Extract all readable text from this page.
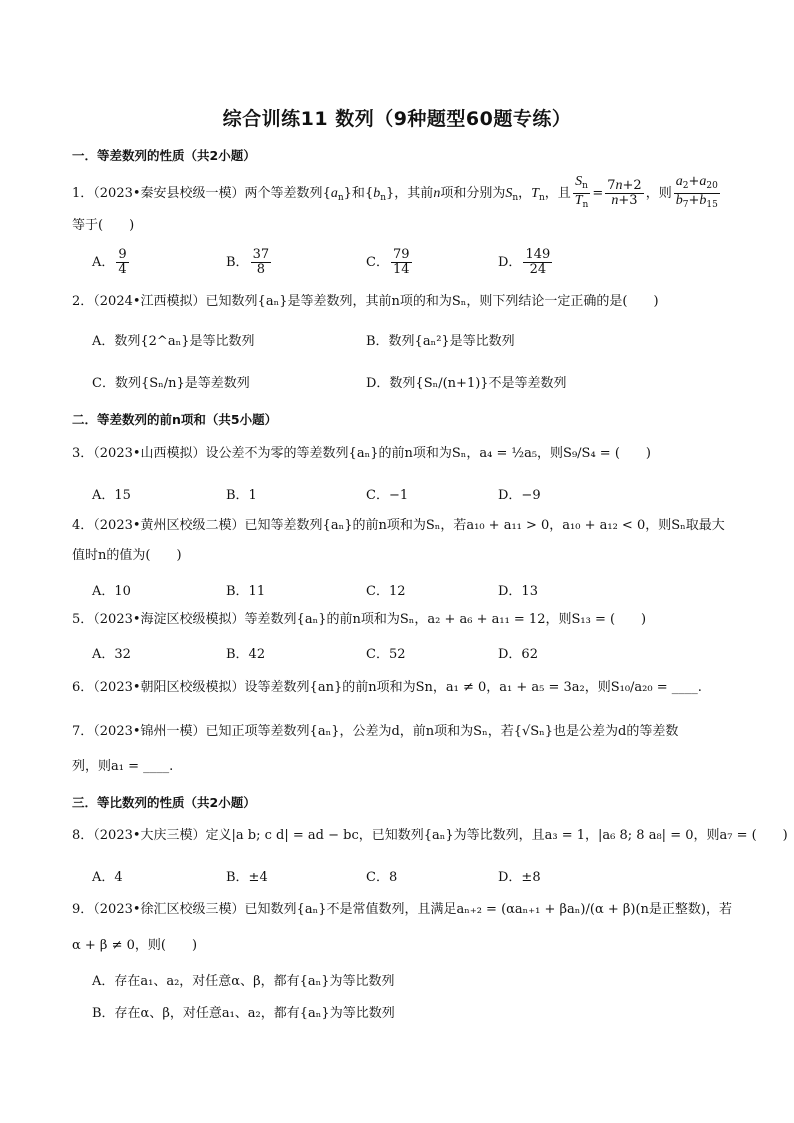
综合训练11 数列（9种题型60题专练）
一．等差数列的性质（共2小题）
1．（2023•秦安县校级一模）两个等差数列$\{a_n\}$和$\{b_n\}$，其前n项和分别为$S_n$，$T_n$，且 $\frac{S_n}{T_n} = \frac{7n+2}{n+3}$ ，则 $\frac{a_2+a_{20}}{b_7+b_{15}}$
等于(　　)
A． $\frac{9}{4}$	B． $\frac{37}{8}$	C． $\frac{79}{14}$	D． $\frac{149}{24}$
2．（2024•江西模拟）已知数列{aₙ}是等差数列，其前n项的和为Sₙ，则下列结论一定正确的是(　　)
A．数列{2^aₙ}是等比数列	B．数列{aₙ²}是等比数列
C．数列{Sₙ/n}是等差数列	D．数列{Sₙ/(n+1)}不是等差数列
二．等差数列的前n项和（共5小题）
3．（2023•山西模拟）设公差不为零的等差数列{aₙ}的前n项和为Sₙ，a₄ = ½a₅，则S₉/S₄ = (　　)
A．15	B．1	C．−1	D．−9
4．（2023•黄州区校级二模）已知等差数列{aₙ}的前n项和为Sₙ，若a₁₀ + a₁₁ > 0，a₁₀ + a₁₂ < 0，则Sₙ取最大
值时n的值为(　　)
A．10	B．11	C．12	D．13
5．（2023•海淀区校级模拟）等差数列{aₙ}的前n项和为Sₙ，a₂ + a₆ + a₁₁ = 12，则S₁₃ = (　　)
A．32	B．42	C．52	D．62
6．（2023•朝阳区校级模拟）设等差数列{an}的前n项和为Sn，a₁ ≠ 0，a₁ + a₅ = 3a₂，则S₁₀/a₂₀ = ____.
7．（2023•锦州一模）已知正项等差数列{aₙ}，公差为d，前n项和为Sₙ，若{√Sₙ}也是公差为d的等差数
列，则a₁ = ____.
三．等比数列的性质（共2小题）
8．（2023•大庆三模）定义|a b; c d| = ad − bc，已知数列{aₙ}为等比数列，且a₃ = 1，|a₆ 8; 8 a₈| = 0，则a₇ = (　　)
A．4	B．±4	C．8	D．±8
9．（2023•徐汇区校级三模）已知数列{aₙ}不是常值数列，且满足aₙ₊₂ = (αaₙ₊₁ + βaₙ)/(α + β)(n是正整数)，若
α + β ≠ 0，则(　　)
A．存在a₁、a₂，对任意α、β，都有{aₙ}为等比数列
B．存在α、β，对任意a₁、a₂，都有{aₙ}为等比数列
